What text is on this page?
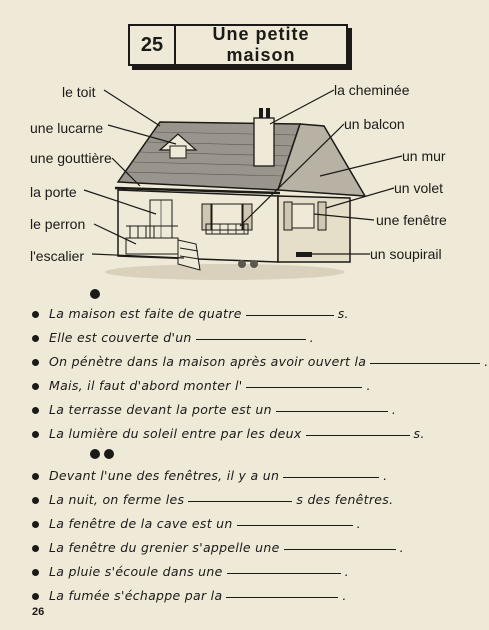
25	Une petite maison
le toit
une lucarne
une gouttière
la porte
le perron
l'escalier
la cheminée
un balcon
un mur
un volet
une fenêtre
un soupirail
La maison est faite de quatre	s.
Elle est couverte d'un	.
On pénètre dans la maison après avoir ouvert la	.
Mais, il faut d'abord monter l'	.
La terrasse devant la porte est un	.
La lumière du soleil entre par les deux	s.
Devant l'une des fenêtres, il y a un	.
La nuit, on ferme les	s des fenêtres.
La fenêtre de la cave est un	.
La fenêtre du grenier s'appelle une	.
La pluie s'écoule dans une	.
La fumée s'échappe par la	.
26
